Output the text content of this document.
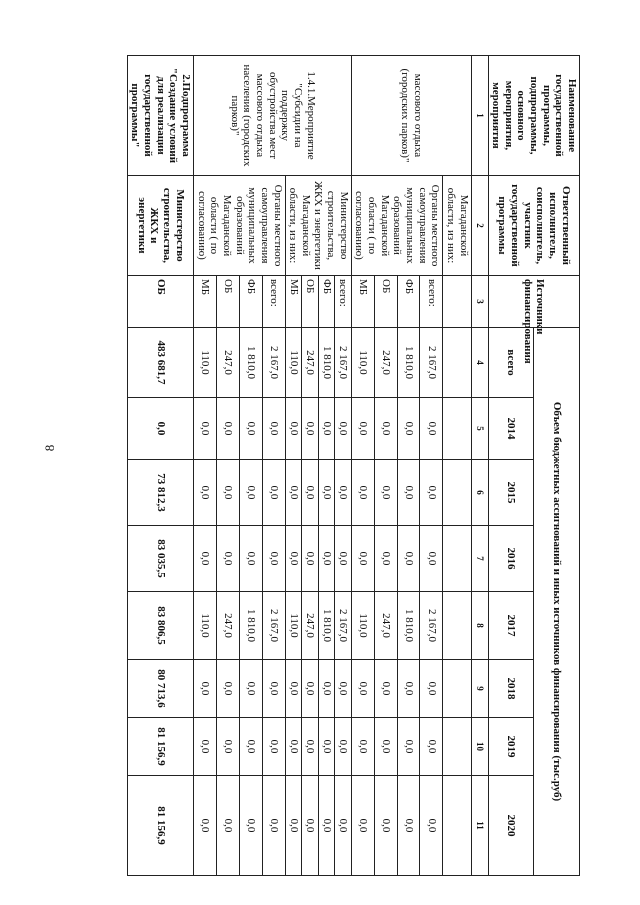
8
Наименование государственной программы, подпрограммы, основного мероприятия, мероприятия	Ответственный исполнитель, соисполнитель, участник государственной программы	Источники финансирования	Объем бюджетных ассигнований и иных источников финансирования (тыс.руб)							
			всего	2014	2015	2016	2017	2018	2019	2020
1	2	3	4	5	6	7	8	9	10	11
массового отдыха (городских парков)"	Магаданской области, из них:									
	Органы местного самоуправления муниципальных образований Магаданской области ( по согласованию)	всего:	2 167,0	0,0	0,0	0,0	2 167,0	0,0	0,0	0,0
		ФБ	1 810,0	0,0	0,0	0,0	1 810,0	0,0	0,0	0,0
		ОБ	247,0	0,0	0,0	0,0	247,0	0,0	0,0	0,0
		МБ	110,0	0,0	0,0	0,0	110,0	0,0	0,0	0,0
1.4.1.Мероприятие "Субсидии на поддержку обустройства мест массового отдыха населения (городских парков)"	Министерство строительства, ЖКХ и энергетики Магаданской области, из них:	всего:	2 167,0	0,0	0,0	0,0	2 167,0	0,0	0,0	0,0
		ФБ	1 810,0	0,0	0,0	0,0	1 810,0	0,0	0,0	0,0
		ОБ	247,0	0,0	0,0	0,0	247,0	0,0	0,0	0,0
		МБ	110,0	0,0	0,0	0,0	110,0	0,0	0,0	0,0
	Органы местного самоуправления муниципальных образований Магаданской области ( по согласованию)	всего:	2 167,0	0,0	0,0	0,0	2 167,0	0,0	0,0	0,0
		ФБ	1 810,0	0,0	0,0	0,0	1 810,0	0,0	0,0	0,0
		ОБ	247,0	0,0	0,0	0,0	247,0	0,0	0,0	0,0
		МБ	110,0	0,0	0,0	0,0	110,0	0,0	0,0	0,0
2.Подпрограмма "Создание условий для реализации государственной программы"	Министерство строительства, ЖКХ и энергетики	ОБ	483 681,7	0,0	73 812,3	83 035,5	83 806,5	80 713,6	81 156,9	81 156,9
